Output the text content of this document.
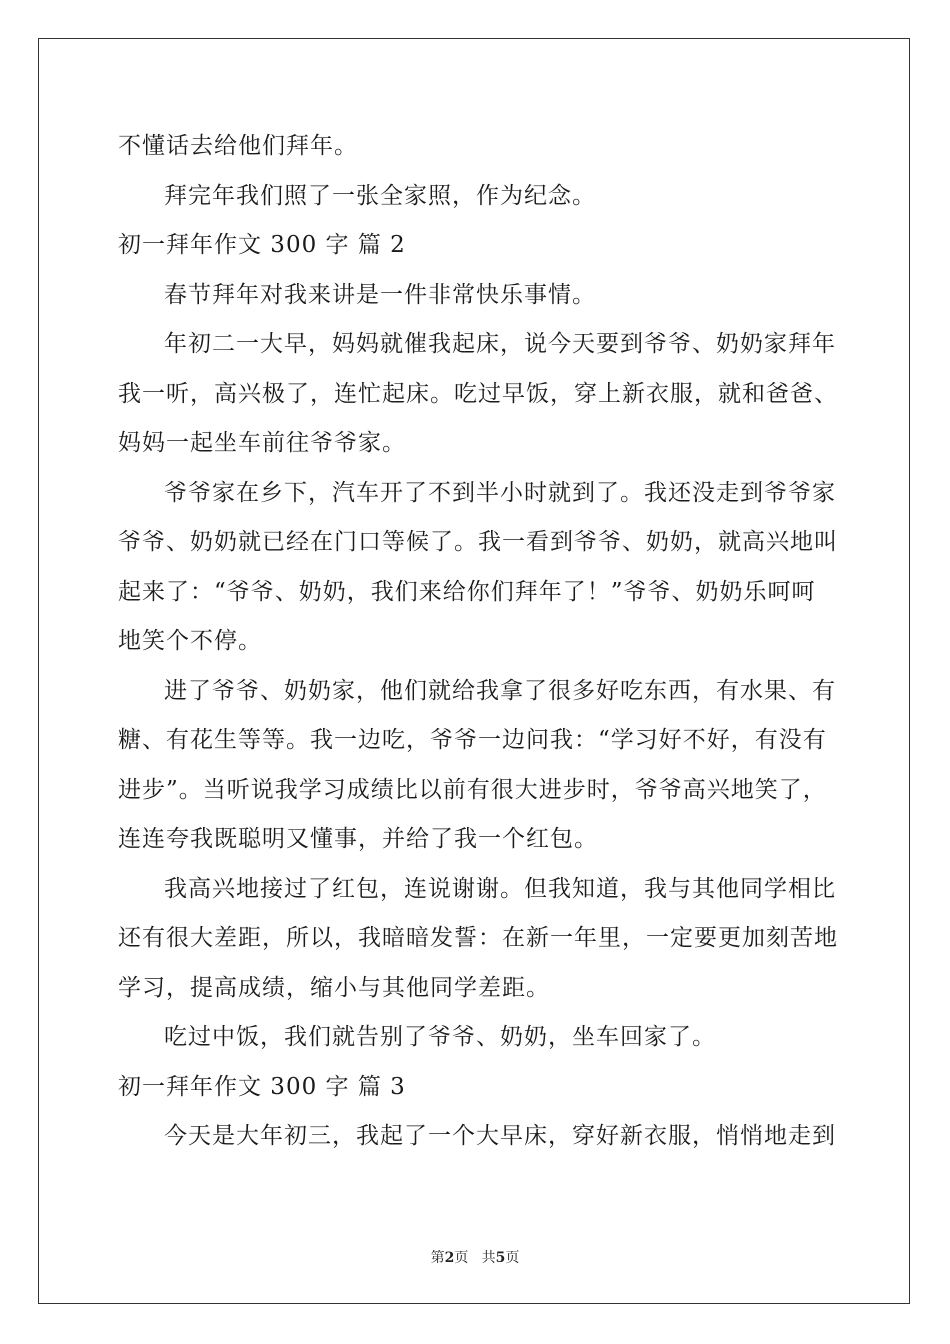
不懂话去给他们拜年。
拜完年我们照了一张全家照，作为纪念。
初一拜年作文 300 字 篇 2
春节拜年对我来讲是一件非常快乐事情。
年初二一大早，妈妈就催我起床，说今天要到爷爷、奶奶家拜年
我一听，高兴极了，连忙起床。吃过早饭，穿上新衣服，就和爸爸、
妈妈一起坐车前往爷爷家。
爷爷家在乡下，汽车开了不到半小时就到了。我还没走到爷爷家
爷爷、奶奶就已经在门口等候了。我一看到爷爷、奶奶，就高兴地叫
起来了：“爷爷、奶奶，我们来给你们拜年了！”爷爷、奶奶乐呵呵
地笑个不停。
进了爷爷、奶奶家，他们就给我拿了很多好吃东西，有水果、有
糖、有花生等等。我一边吃，爷爷一边问我：“学习好不好，有没有
进步”。当听说我学习成绩比以前有很大进步时，爷爷高兴地笑了，
连连夸我既聪明又懂事，并给了我一个红包。
我高兴地接过了红包，连说谢谢。但我知道，我与其他同学相比
还有很大差距，所以，我暗暗发誓：在新一年里，一定要更加刻苦地
学习，提高成绩，缩小与其他同学差距。
吃过中饭，我们就告别了爷爷、奶奶，坐车回家了。
初一拜年作文 300 字 篇 3
今天是大年初三，我起了一个大早床，穿好新衣服，悄悄地走到
第2页 共5页
